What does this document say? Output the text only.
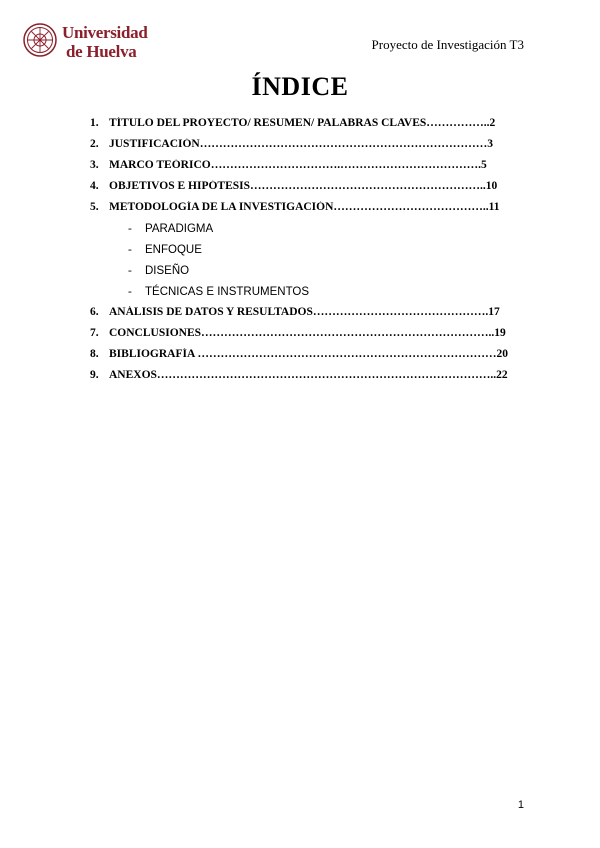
Universidad
de Huelva	Proyecto de Investigación T3
ÍNDICE
1. TÍTULO DEL PROYECTO/ RESUMEN/ PALABRAS CLAVES……………..2
2. JUSTIFICACIÓN…………………………………………………………………3
3. MARCO TEÓRICO…………………………….……………………………….5
4. OBJETIVOS E HIPÓTESIS……………………………………………………..10
5. METODOLOGÍA DE LA INVESTIGACIÓN…………………………………..11
- PARADIGMA
- ENFOQUE
- DISEÑO
- TÉCNICAS E INSTRUMENTOS
6. ANÁLISIS DE DATOS Y RESULTADOS……………………………………….17
7. CONCLUSIONES…………………………………………………………………..19
8. BIBLIOGRAFÍA ……………………………………………………………………20
9. ANEXOS……………………………………………………………………………..22
1
